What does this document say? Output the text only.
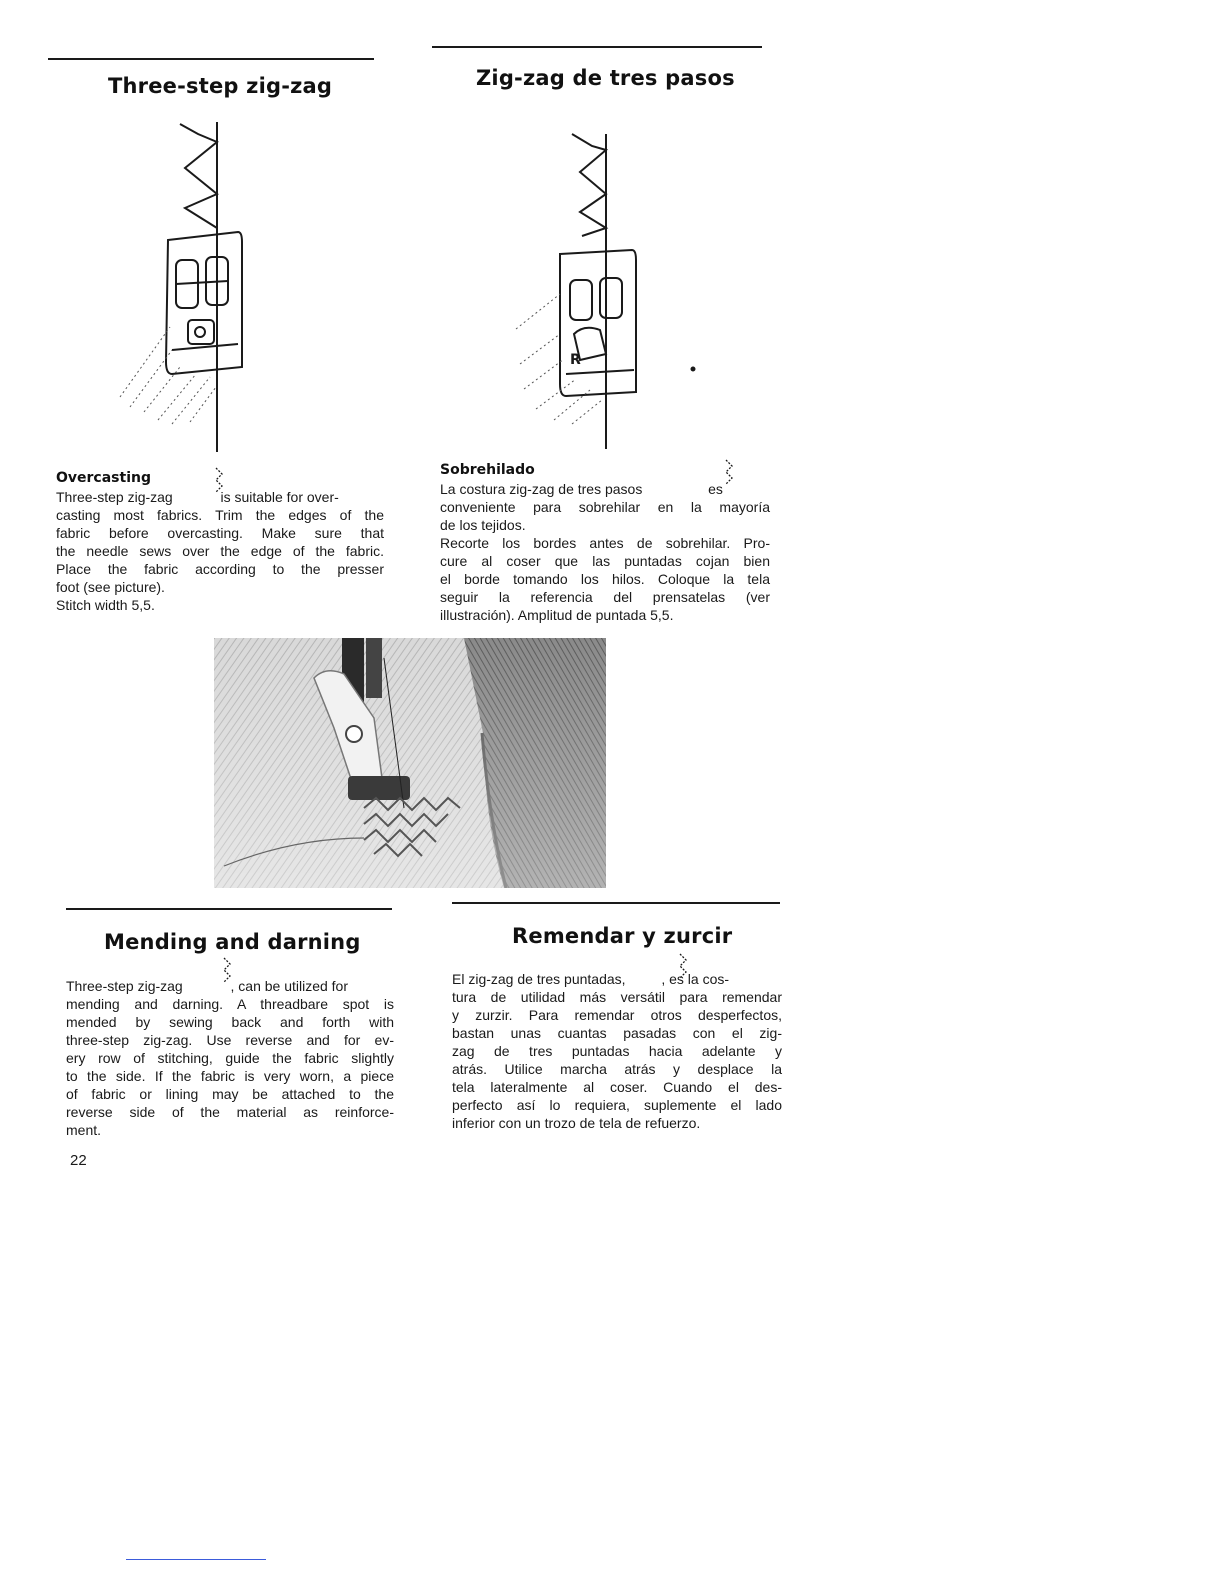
Three-step zig-zag	Zig-zag de tres pasos
R
Overcasting
Three-step zig-zag	is suitable for over-
casting most fabrics. Trim the edges of the
fabric before overcasting. Make sure that
the needle sews over the edge of the fabric.
Place the fabric according to the presser
foot (see picture).
Stitch width 5,5.
Sobrehilado
La costura zig-zag de tres pasos	es
conveniente para sobrehilar en la mayoría
de los tejidos.
Recorte los bordes antes de sobrehilar. Pro-
cure al coser que las puntadas cojan bien
el borde tomando los hilos. Coloque la tela
seguir la referencia del prensatelas (ver
illustración). Amplitud de puntada 5,5.
Mending and darning	Remendar y zurcir
Three-step zig-zag	, can be utilized for
mending and darning. A threadbare spot is
mended by sewing back and forth with
three-step zig-zag. Use reverse and for ev-
ery row of stitching, guide the fabric slightly
to the side. If the fabric is very worn, a piece
of fabric or lining may be attached to the
reverse side of the material as reinforce-
ment.
El zig-zag de tres puntadas,	, es la cos-
tura de utilidad más versátil para remendar
y zurzir. Para remendar otros desperfectos,
bastan unas cuantas pasadas con el zig-
zag de tres puntadas hacia adelante y
atrás. Utilice marcha atrás y desplace la
tela lateralmente al coser. Cuando el des-
perfecto así lo requiera, suplemente el lado
inferior con un trozo de tela de refuerzo.
22
